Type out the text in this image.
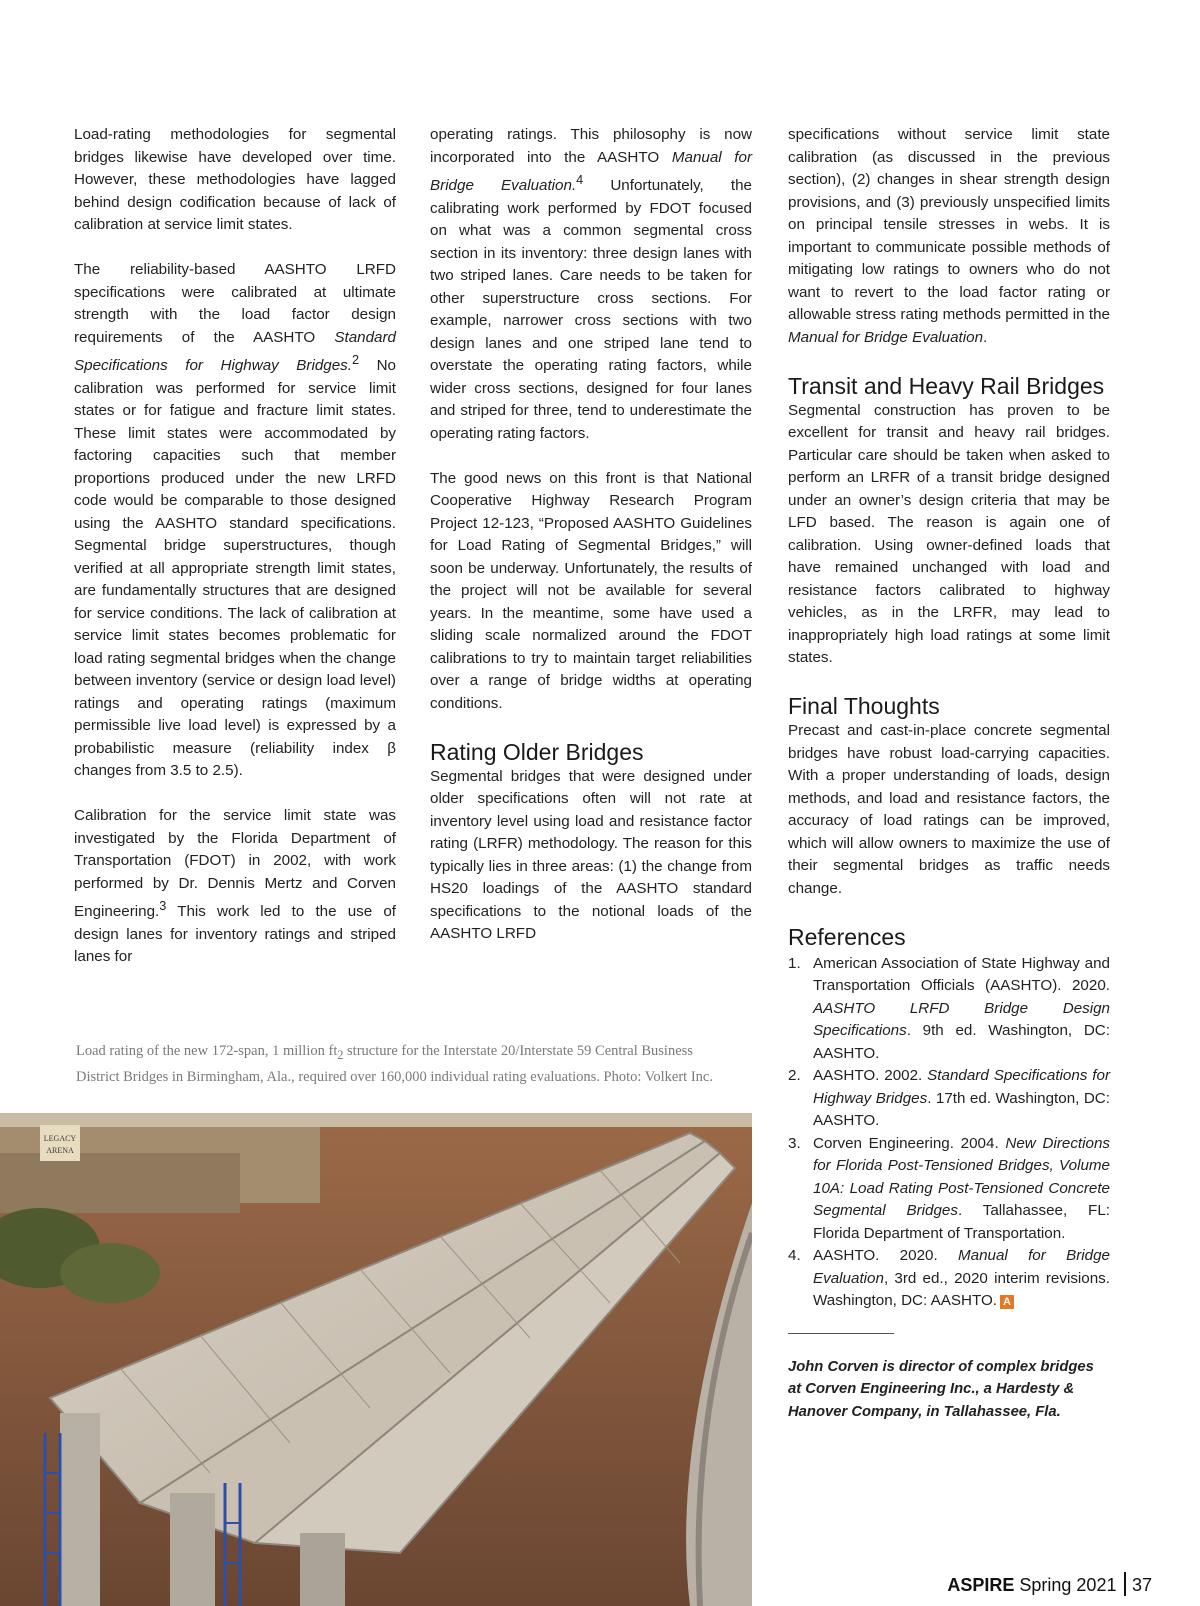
Load-rating methodologies for segmental bridges likewise have developed over time. However, these methodologies have lagged behind design codification because of lack of calibration at service limit states.

The reliability-based AASHTO LRFD specifications were calibrated at ultimate strength with the load factor design requirements of the AASHTO Standard Specifications for Highway Bridges.$^2$ No calibration was performed for service limit states or for fatigue and fracture limit states. These limit states were accommodated by factoring capacities such that member proportions produced under the new LRFD code would be comparable to those designed using the AASHTO standard specifications. Segmental bridge superstructures, though verified at all appropriate strength limit states, are fundamentally structures that are designed for service conditions. The lack of calibration at service limit states becomes problematic for load rating segmental bridges when the change between inventory (service or design load level) ratings and operating ratings (maximum permissible live load level) is expressed by a probabilistic measure (reliability index β changes from 3.5 to 2.5).

Calibration for the service limit state was investigated by the Florida Department of Transportation (FDOT) in 2002, with work performed by Dr. Dennis Mertz and Corven Engineering.$^3$ This work led to the use of design lanes for inventory ratings and striped lanes for

operating ratings. This philosophy is now incorporated into the AASHTO Manual for Bridge Evaluation.$^4$ Unfortunately, the calibrating work performed by FDOT focused on what was a common segmental cross section in its inventory: three design lanes with two striped lanes. Care needs to be taken for other superstructure cross sections. For example, narrower cross sections with two design lanes and one striped lane tend to overstate the operating rating factors, while wider cross sections, designed for four lanes and striped for three, tend to underestimate the operating rating factors.

The good news on this front is that National Cooperative Highway Research Program Project 12-123, “Proposed AASHTO Guidelines for Load Rating of Segmental Bridges,” will soon be underway. Unfortunately, the results of the project will not be available for several years. In the meantime, some have used a sliding scale normalized around the FDOT calibrations to try to maintain target reliabilities over a range of bridge widths at operating conditions.

Rating Older Bridges

Segmental bridges that were designed under older specifications often will not rate at inventory level using load and resistance factor rating (LRFR) methodology. The reason for this typically lies in three areas: (1) the change from HS20 loadings of the AASHTO standard specifications to the notional loads of the AASHTO LRFD

specifications without service limit state calibration (as discussed in the previous section), (2) changes in shear strength design provisions, and (3) previously unspecified limits on principal tensile stresses in webs. It is important to communicate possible methods of mitigating low ratings to owners who do not want to revert to the load factor rating or allowable stress rating methods permitted in the Manual for Bridge Evaluation.

Transit and Heavy Rail Bridges

Segmental construction has proven to be excellent for transit and heavy rail bridges. Particular care should be taken when asked to perform an LRFR of a transit bridge designed under an owner’s design criteria that may be LFD based. The reason is again one of calibration. Using owner-defined loads that have remained unchanged with load and resistance factors calibrated to highway vehicles, as in the LRFR, may lead to inappropriately high load ratings at some limit states.

Final Thoughts

Precast and cast-in-place concrete segmental bridges have robust load-carrying capacities. With a proper understanding of loads, design methods, and load and resistance factors, the accuracy of load ratings can be improved, which will allow owners to maximize the use of their segmental bridges as traffic needs change.

References
1. American Association of State Highway and Transportation Officials (AASHTO). 2020. AASHTO LRFD Bridge Design Specifications. 9th ed. Washington, DC: AASHTO.
2. AASHTO. 2002. Standard Specifications for Highway Bridges. 17th ed. Washington, DC: AASHTO.
3. Corven Engineering. 2004. New Directions for Florida Post-Tensioned Bridges, Volume 10A: Load Rating Post-Tensioned Concrete Segmental Bridges. Tallahassee, FL: Florida Department of Transportation.
4. AASHTO. 2020. Manual for Bridge Evaluation, 3rd ed., 2020 interim revisions. Washington, DC: AASHTO. A
John Corven is director of complex bridges at Corven Engineering Inc., a Hardesty & Hanover Company, in Tallahassee, Fla.
Load rating of the new 172-span, 1 million $ft_2$ structure for the Interstate 20/Interstate 59 Central Business District Bridges in Birmingham, Ala., required over 160,000 individual rating evaluations. Photo: Volkert Inc.
LEGACY
ARENA
ASPIRE Spring 2021 37
